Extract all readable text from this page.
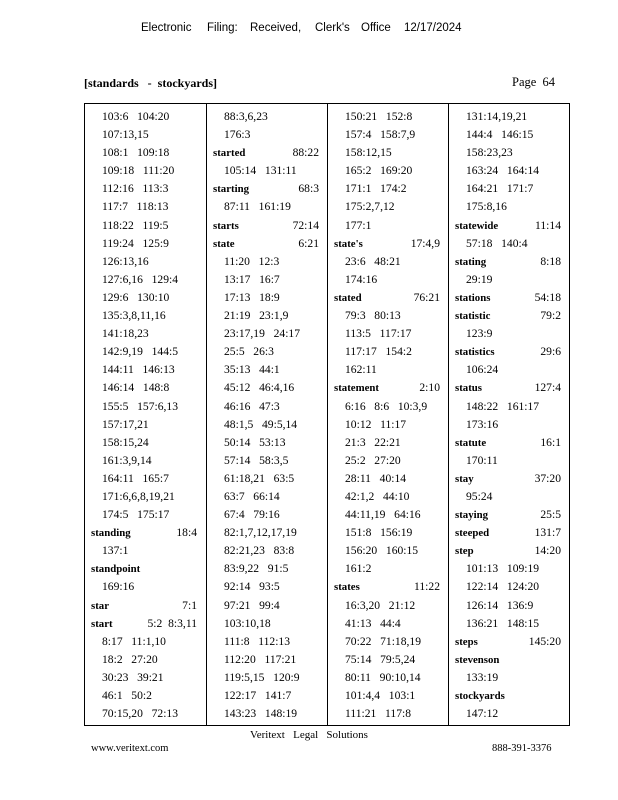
Electronic Filing: Received, Clerk's Office 12/17/2024
[standards   -  stockyards]	Page  64
103:6   104:20
107:13,15
108:1   109:18
109:18   111:20
112:16   113:3
117:7   118:13
118:22   119:5
119:24   125:9
126:13,16
127:6,16   129:4
129:6   130:10
135:3,8,11,16
141:18,23
142:9,19   144:5
144:11   146:13
146:14   148:8
155:5   157:6,13
157:17,21
158:15,24
161:3,9,14
164:11   165:7
171:6,6,8,19,21
174:5   175:17
standing	18:4
137:1
standpoint
169:16
star	7:1
start	5:2  8:3,11
8:17   11:1,10
18:2   27:20
30:23   39:21
46:1   50:2
70:15,20   72:13
88:3,6,23
176:3
started	88:22
105:14   131:11
starting	68:3
87:11   161:19
starts	72:14
state	6:21
11:20   12:3
13:17   16:7
17:13   18:9
21:19   23:1,9
23:17,19   24:17
25:5   26:3
35:13   44:1
45:12   46:4,16
46:16   47:3
48:1,5   49:5,14
50:14   53:13
57:14   58:3,5
61:18,21   63:5
63:7   66:14
67:4   79:16
82:1,7,12,17,19
82:21,23   83:8
83:9,22   91:5
92:14   93:5
97:21   99:4
103:10,18
111:8   112:13
112:20   117:21
119:5,15   120:9
122:17   141:7
143:23   148:19
150:21   152:8
157:4   158:7,9
158:12,15
165:2   169:20
171:1   174:2
175:2,7,12
177:1
state's	17:4,9
23:6   48:21
174:16
stated	76:21
79:3   80:13
113:5   117:17
117:17   154:2
162:11
statement	2:10
6:16   8:6   10:3,9
10:12   11:17
21:3   22:21
25:2   27:20
28:11   40:14
42:1,2   44:10
44:11,19   64:16
151:8   156:19
156:20   160:15
161:2
states	11:22
16:3,20   21:12
41:13   44:4
70:22   71:18,19
75:14   79:5,24
80:11   90:10,14
101:4,4   103:1
111:21   117:8
131:14,19,21
144:4   146:15
158:23,23
163:24   164:14
164:21   171:7
175:8,16
statewide	11:14
57:18   140:4
stating	8:18
29:19
stations	54:18
statistic	79:2
123:9
statistics	29:6
106:24
status	127:4
148:22   161:17
173:16
statute	16:1
170:11
stay	37:20
95:24
staying	25:5
steeped	131:7
step	14:20
101:13   109:19
122:14   124:20
126:14   136:9
136:21   148:15
steps	145:20
stevenson
133:19
stockyards
147:12
Veritext   Legal   Solutions
www.veritext.com	888-391-3376
